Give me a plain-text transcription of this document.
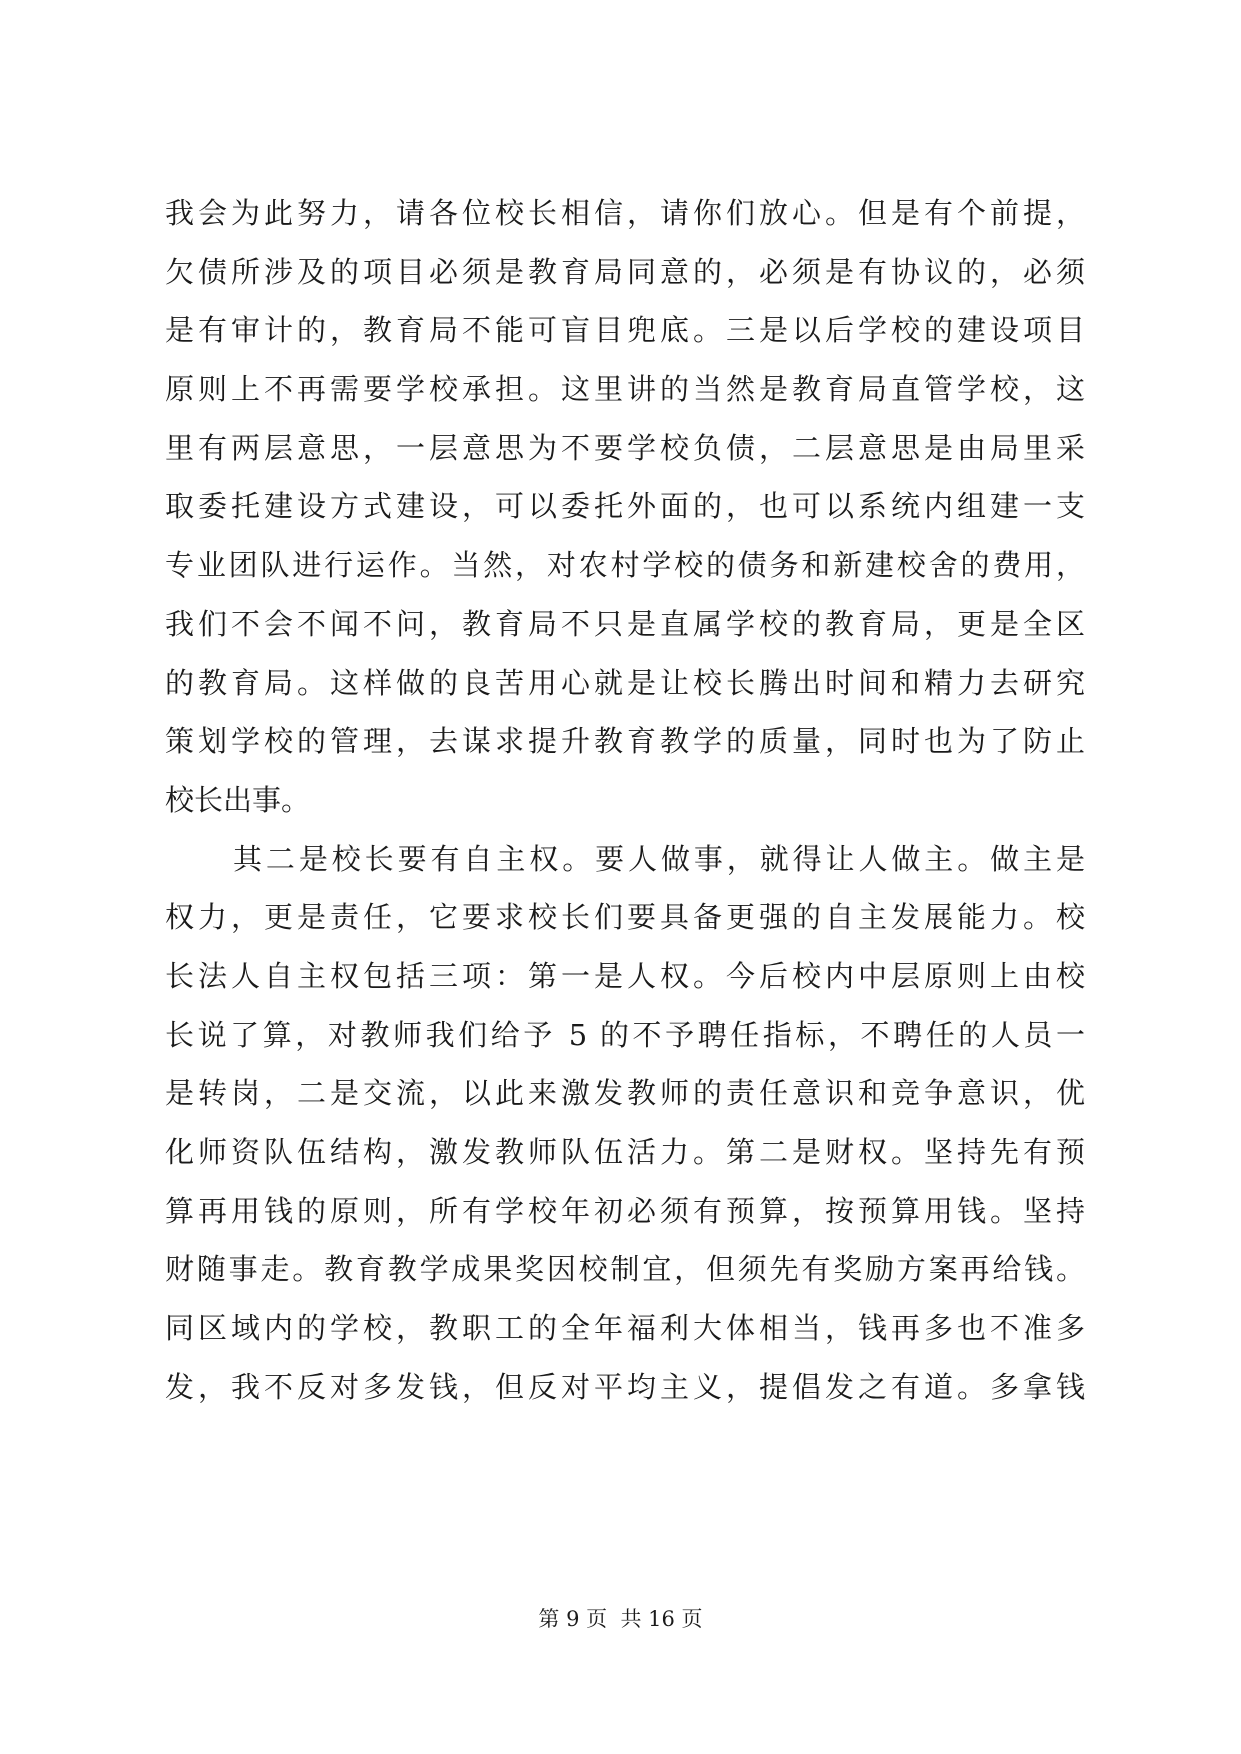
我会为此努力，请各位校长相信，请你们放心。但是有个前提，
欠债所涉及的项目必须是教育局同意的，必须是有协议的，必须
是有审计的，教育局不能可盲目兜底。三是以后学校的建设项目
原则上不再需要学校承担。这里讲的当然是教育局直管学校，这
里有两层意思，一层意思为不要学校负债，二层意思是由局里采
取委托建设方式建设，可以委托外面的，也可以系统内组建一支
专业团队进行运作。当然，对农村学校的债务和新建校舍的费用，
我们不会不闻不问，教育局不只是直属学校的教育局，更是全区
的教育局。这样做的良苦用心就是让校长腾出时间和精力去研究
策划学校的管理，去谋求提升教育教学的质量，同时也为了防止
校长出事。
其二是校长要有自主权。要人做事，就得让人做主。做主是
权力，更是责任，它要求校长们要具备更强的自主发展能力。校
长法人自主权包括三项：第一是人权。今后校内中层原则上由校
长说了算，对教师我们给予 5 的不予聘任指标，不聘任的人员一
是转岗，二是交流，以此来激发教师的责任意识和竞争意识，优
化师资队伍结构，激发教师队伍活力。第二是财权。坚持先有预
算再用钱的原则，所有学校年初必须有预算，按预算用钱。坚持
财随事走。教育教学成果奖因校制宜，但须先有奖励方案再给钱。
同区域内的学校，教职工的全年福利大体相当，钱再多也不准多
发，我不反对多发钱，但反对平均主义，提倡发之有道。多拿钱
第 9 页  共 16 页
